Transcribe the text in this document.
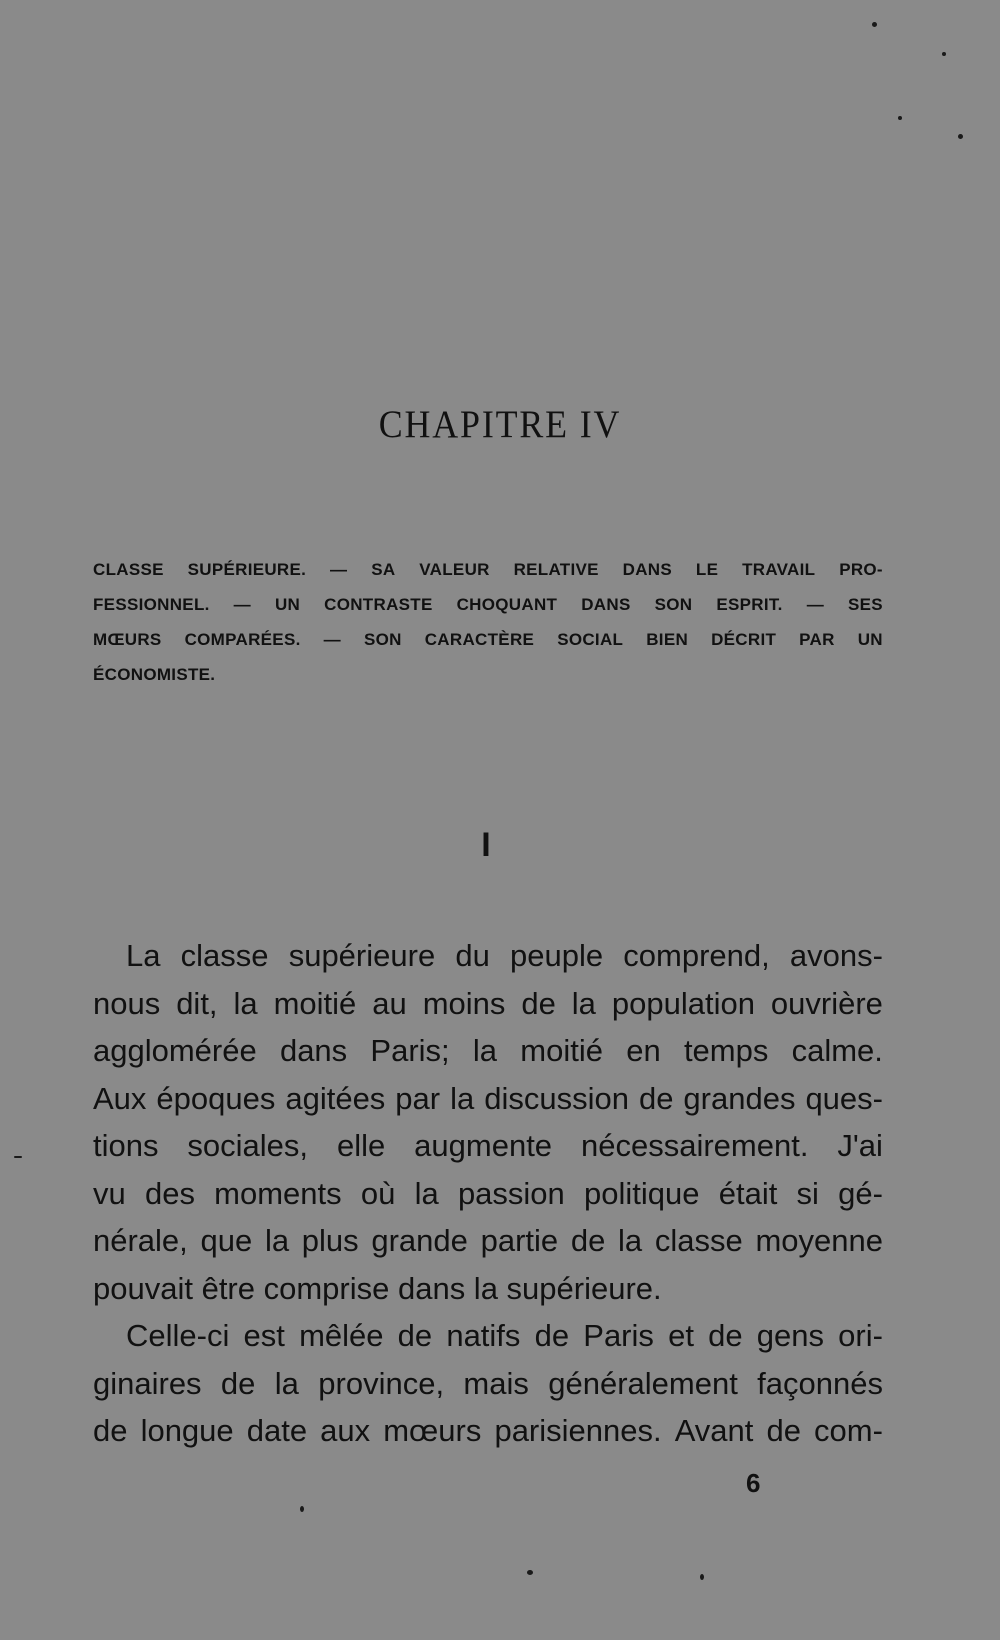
CHAPITRE IV
CLASSE SUPÉRIEURE. — SA VALEUR RELATIVE DANS LE TRAVAIL PRO-
FESSIONNEL. — UN CONTRASTE CHOQUANT DANS SON ESPRIT. — SES
MŒURS COMPARÉES. — SON CARACTÈRE SOCIAL BIEN DÉCRIT PAR UN
ÉCONOMISTE.
I
La classe supérieure du peuple comprend, avons-
nous dit, la moitié au moins de la population ouvrière
agglomérée dans Paris; la moitié en temps calme.
Aux époques agitées par la discussion de grandes ques-
tions sociales, elle augmente nécessairement. J'ai
vu des moments où la passion politique était si gé-
nérale, que la plus grande partie de la classe moyenne
pouvait être comprise dans la supérieure.
Celle-ci est mêlée de natifs de Paris et de gens ori-
ginaires de la province, mais généralement façonnés
de longue date aux mœurs parisiennes. Avant de com-
6
